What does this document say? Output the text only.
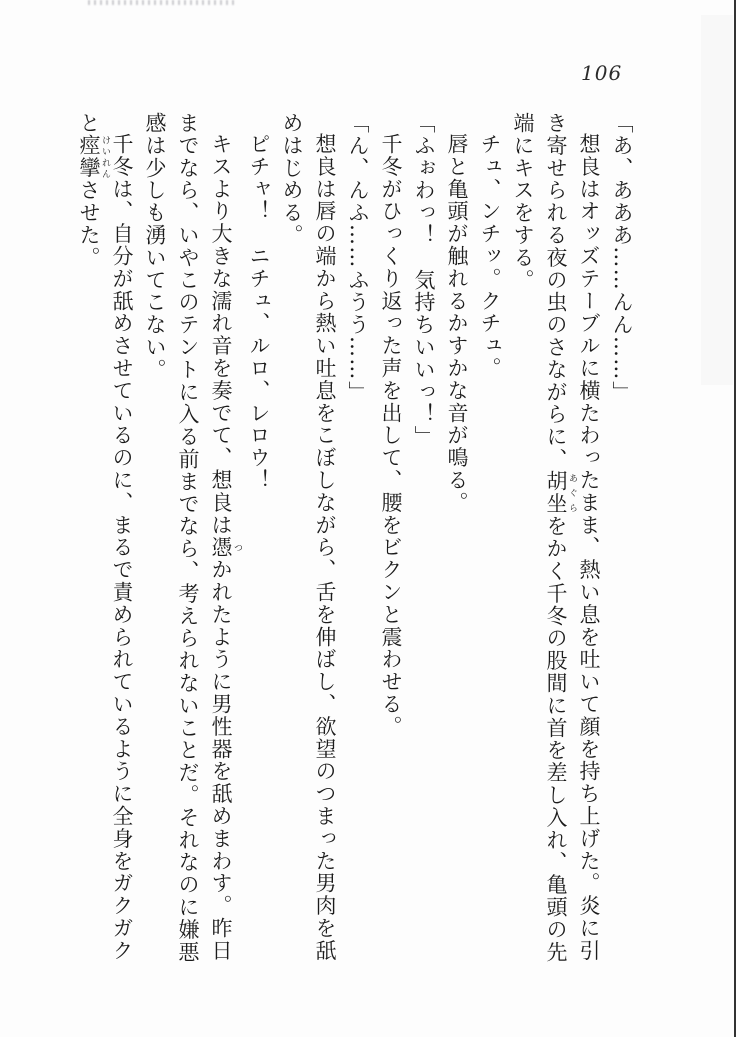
106

「あ、あああ……んん……」

想良はオッズテーブルに横たわったまま、熱い息を吐いて顔を持ち上げた。炎に引き寄せられる夜の虫のさながらに、胡坐 あぐらをかく千冬の股間に首を差し入れ、亀頭の先端にキスをする。

チュ、ンチッ。クチュ。

唇と亀頭が触れるかすかな音が鳴る。

「ふぉわっ！　気持ちいいっ！」

千冬がひっくり返った声を出して、腰をビクンと震わせる。

「ん、んふ……ふうう……」

想良は唇の端から熱い吐息をこぼしながら、舌を伸ばし、欲望のつまった男肉を舐めはじめる。

ピチャ！　ニチュ、ルロ、レロウ！

キスより大きな濡れ音を奏でて、想良は憑 つかれたように男性器を舐めまわす。昨日までなら、いやこのテントに入る前までなら、考えられないことだ。それなのに嫌悪感は少しも湧いてこない。

千冬は、自分が舐めさせているのに、まるで責められているように全身をガクガクと痙攣 けいれんさせた。
